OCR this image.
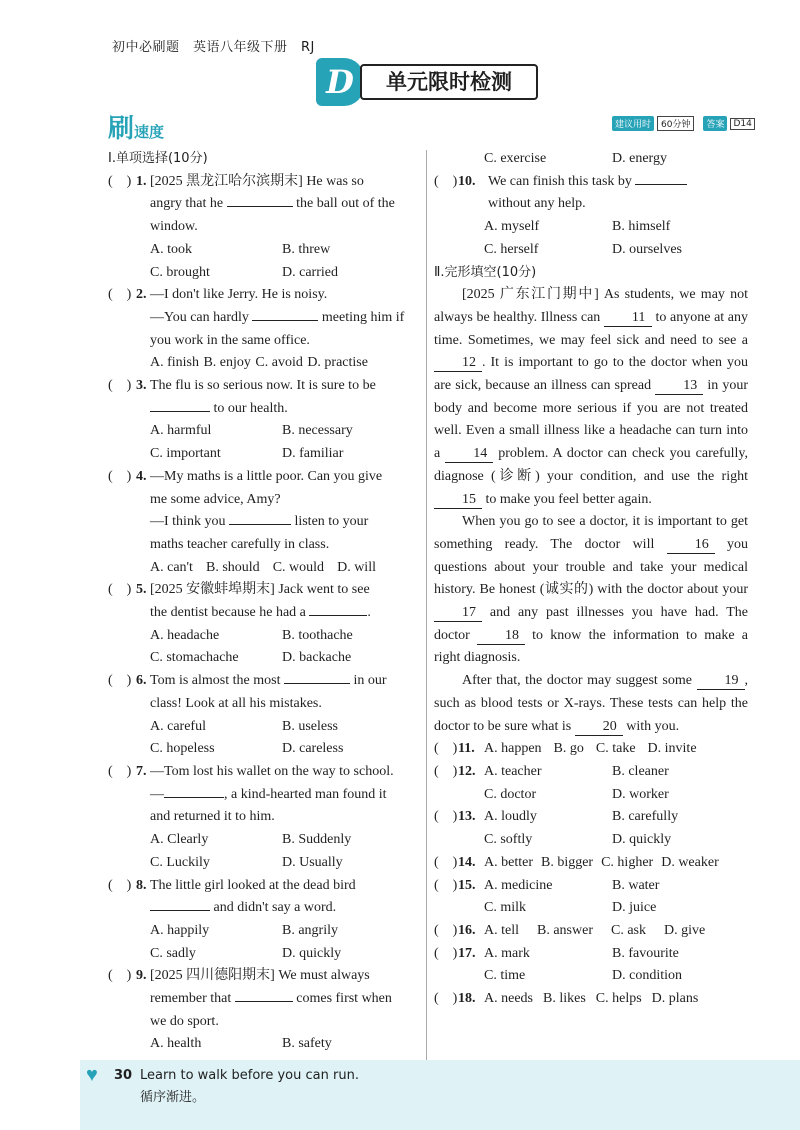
初中必刷题　英语八年级下册　RJ
D	单元限时检测
刷速度	建议用时	60分钟	答案	D14
Ⅰ.单项选择(10分)
(　) 1. [2025 黑龙江哈尔滨期末] He was so
angry that he	the ball out of the
window.
A. took	B. threw
C. brought	D. carried
(　) 2. —I don't like Jerry. He is noisy.
—You can hardly	meeting him if
you work in the same office.
A. finish B. enjoy C. avoid D. practise
(　) 3. The flu is so serious now. It is sure to be
to our health.
A. harmful	B. necessary
C. important	D. familiar
(　) 4. —My maths is a little poor. Can you give
me some advice, Amy?
—I think you	listen to your
maths teacher carefully in class.
A. can't B. should C. would D. will
(　) 5. [2025 安徽蚌埠期末] Jack went to see
the dentist because he had a	.
A. headache	B. toothache
C. stomachache	D. backache
(　) 6. Tom is almost the most	in our
class! Look at all his mistakes.
A. careful	B. useless
C. hopeless	D. careless
(　) 7. —Tom lost his wallet on the way to school.
—	, a kind-hearted man found it
and returned it to him.
A. Clearly	B. Suddenly
C. Luckily	D. Usually
(　) 8. The little girl looked at the dead bird
and didn't say a word.
A. happily	B. angrily
C. sadly	D. quickly
(　) 9. [2025 四川德阳期末] We must always
remember that	comes first when
we do sport.
A. health	B. safety
C. exercise	D. energy
(　) 10. We can finish this task by
without any help.
A. myself	B. himself
C. herself	D. ourselves
Ⅱ.完形填空(10分)
[2025 广东江门期中] As students, we may not always be healthy. Illness can 11 to anyone at any time. Sometimes, we may feel sick and need to see a 12 . It is important to go to the doctor when you are sick, because an illness can spread 13 in your body and become more serious if you are not treated well. Even a small illness like a headache can turn into a 14 problem. A doctor can check you carefully, diagnose (诊断) your condition, and use the right 15 to make you feel better again.
When you go to see a doctor, it is important to get something ready. The doctor will	16 you questions about your trouble and take your medical history. Be honest (诚实的) with the doctor about your 17 and any past illnesses you have had. The doctor	18 to know the information to make a right diagnosis.
After that, the doctor may suggest some 19 , such as blood tests or X-rays. These tests can help the doctor to be sure what is 20 with you.
(　) 11. A. happen B. go C. take D. invite
(　) 12. A. teacher	B. cleaner
C. doctor	D. worker
(　) 13. A. loudly	B. carefully
C. softly	D. quickly
(　) 14. A. better B. bigger C. higher D. weaker
(　) 15. A. medicine	B. water
C. milk	D. juice
(　) 16. A. tell B. answer C. ask D. give
(　) 17. A. mark	B. favourite
C. time	D. condition
(　) 18. A. needs B. likes C. helps D. plans
♥ 30 Learn to walk before you can run.
循序渐进。
